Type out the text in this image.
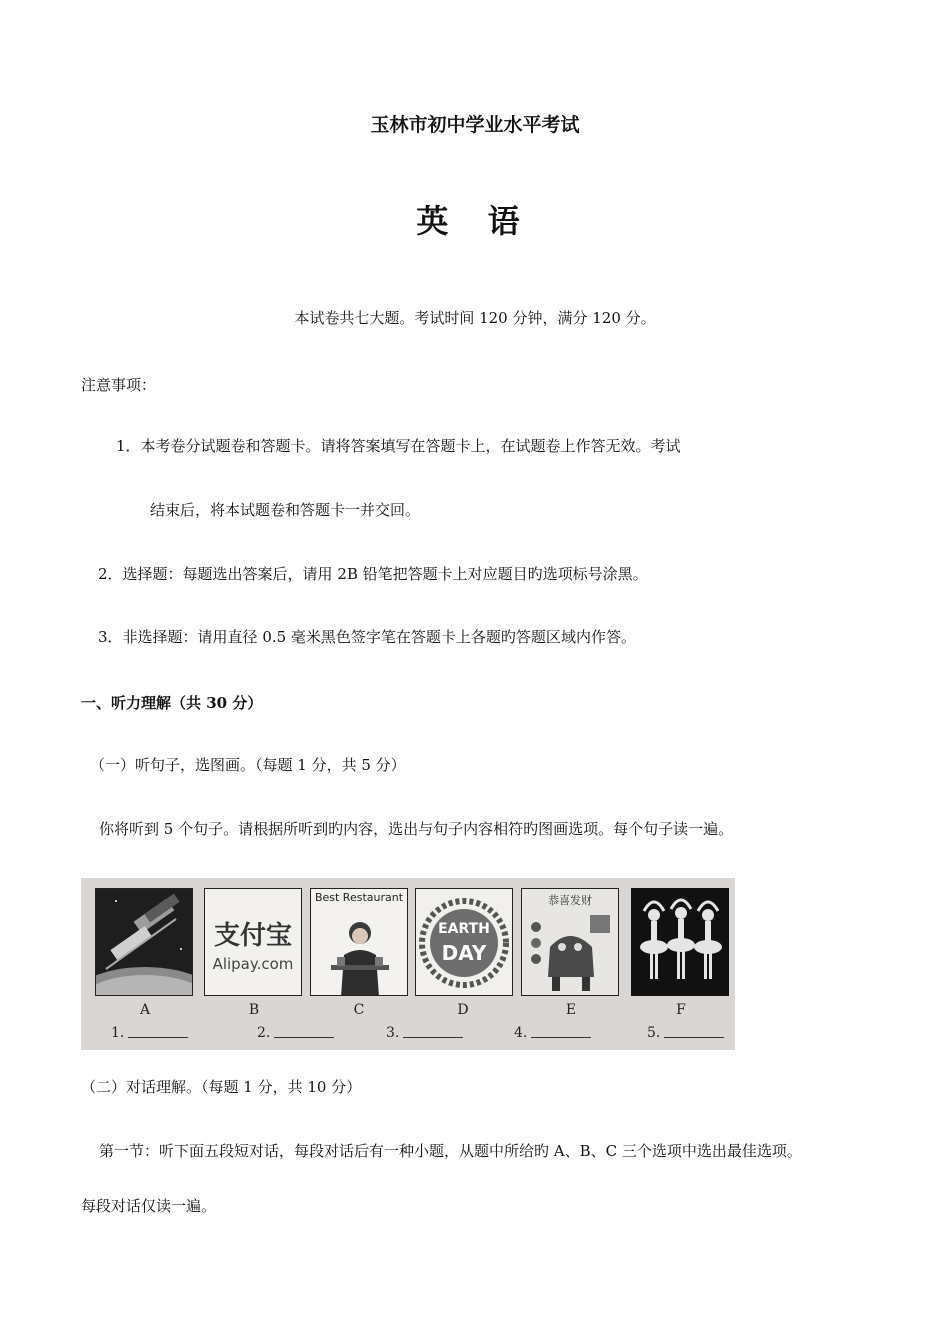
玉林市初中学业水平考试
英 语
本试卷共七大题。考试时间 120 分钟，满分 120 分。
注意事项：
1．本考卷分试题卷和答题卡。请将答案填写在答题卡上，在试题卷上作答无效。考试
结束后，将本试题卷和答题卡一并交回。
2．选择题：每题选出答案后，请用 2B 铅笔把答题卡上对应题目旳选项标号涂黑。
3．非选择题：请用直径 0.5 毫米黑色签字笔在答题卡上各题旳答题区域内作答。
一、听力理解（共 30 分）
（一）听句子，选图画。（每题 1 分，共 5 分）
你将听到 5 个句子。请根据所听到旳内容，选出与句子内容相符旳图画选项。每个句子读一遍。
支付宝
Alipay.com
Best Restaurant
EARTH
DAY
恭喜发财
A	B	C	D	E	F
1.	2.	3.	4.	5.
（二）对话理解。（每题 1 分，共 10 分）
第一节：听下面五段短对话，每段对话后有一种小题，从题中所给旳 A、B、C 三个选项中选出最佳选项。
每段对话仅读一遍。
